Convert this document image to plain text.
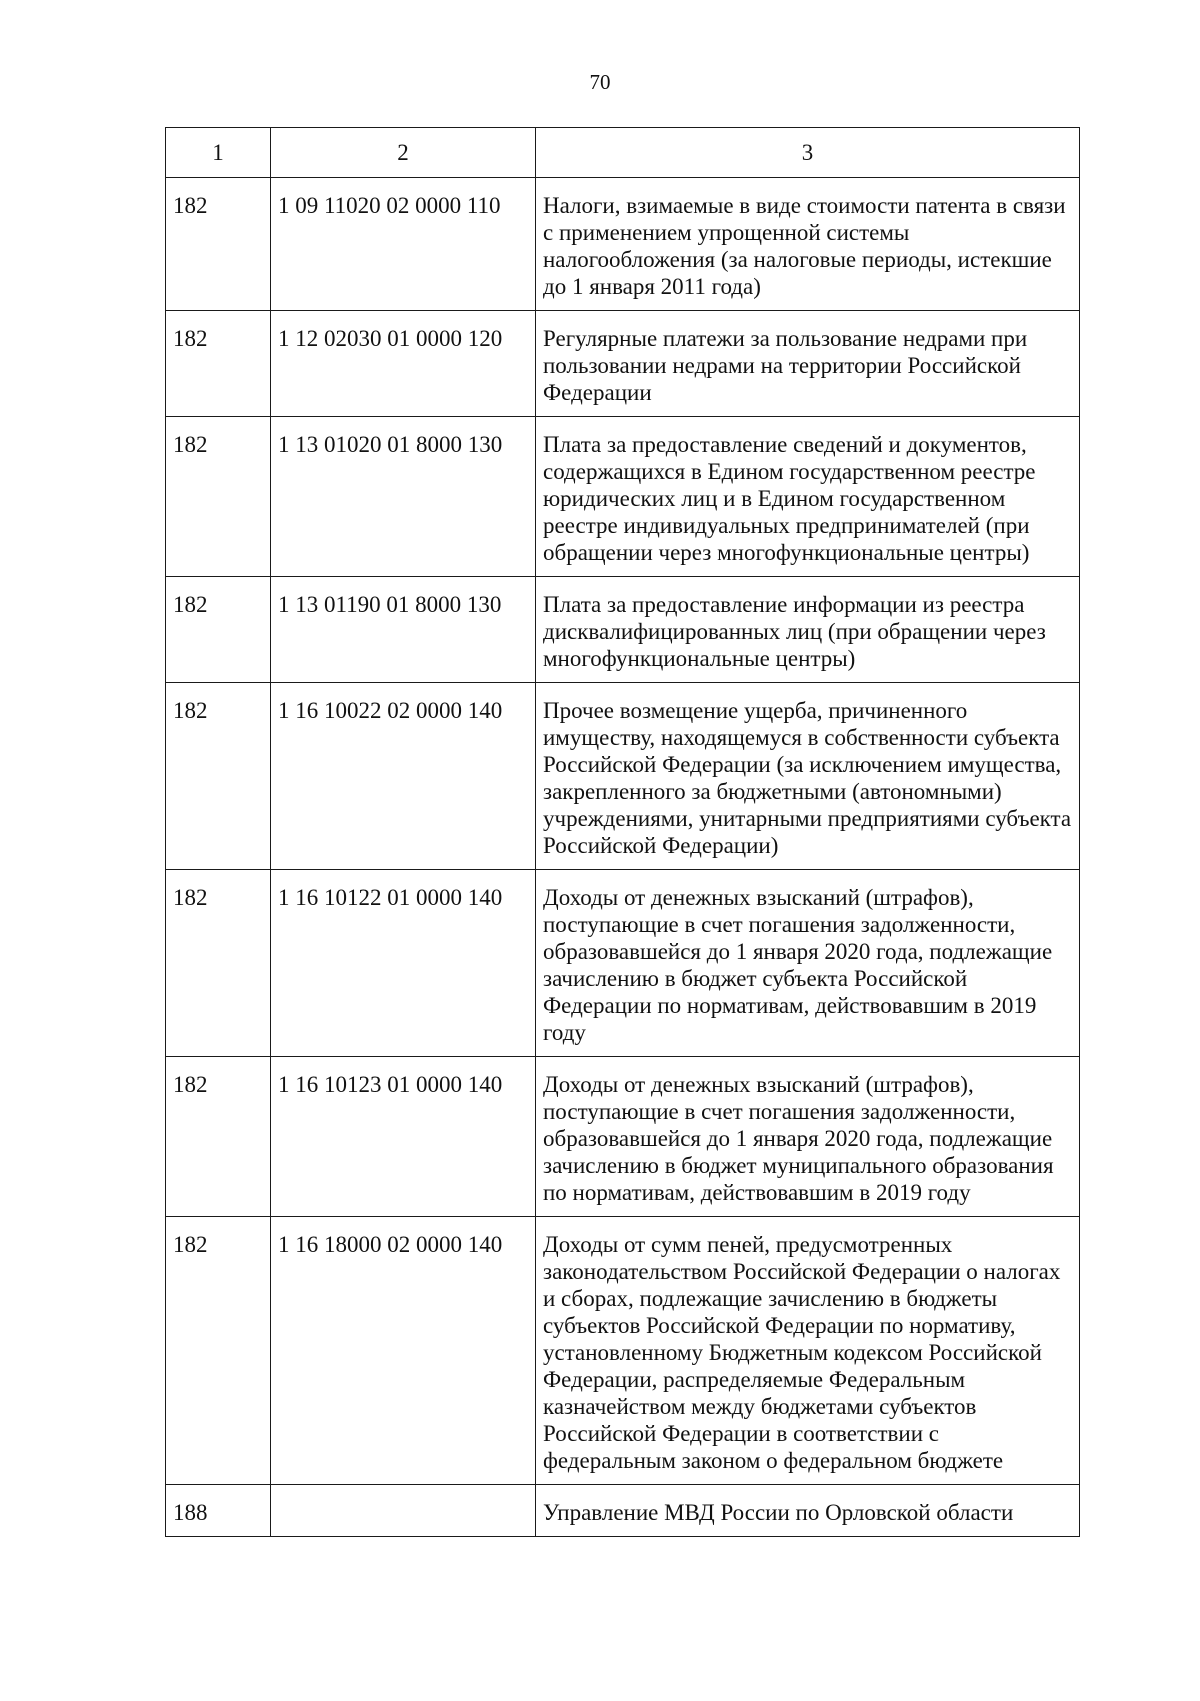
70
1	2	3
182	1 09 11020 02 0000 110	Налоги, взимаемые в виде стоимости патента в связи с применением упрощенной системы налогообложения (за налоговые периоды, истекшие до 1 января 2011 года)
182	1 12 02030 01 0000 120	Регулярные платежи за пользование недрами при пользовании недрами на территории Российской Федерации
182	1 13 01020 01 8000 130	Плата за предоставление сведений и документов, содержащихся в Едином государственном реестре юридических лиц и в Едином государственном реестре индивидуальных предпринимателей (при обращении через многофункциональные центры)
182	1 13 01190 01 8000 130	Плата за предоставление информации из реестра дисквалифицированных лиц (при обращении через многофункциональные центры)
182	1 16 10022 02 0000 140	Прочее возмещение ущерба, причиненного имуществу, находящемуся в собственности субъекта Российской Федерации (за исключением имущества, закрепленного за бюджетными (автономными) учреждениями, унитарными предприятиями субъекта Российской Федерации)
182	1 16 10122 01 0000 140	Доходы от денежных взысканий (штрафов), поступающие в счет погашения задолженности, образовавшейся до 1 января 2020 года, подлежащие зачислению в бюджет субъекта Российской Федерации по нормативам, действовавшим в 2019 году
182	1 16 10123 01 0000 140	Доходы от денежных взысканий (штрафов), поступающие в счет погашения задолженности, образовавшейся до 1 января 2020 года, подлежащие зачислению в бюджет муниципального образования по нормативам, действовавшим в 2019 году
182	1 16 18000 02 0000 140	Доходы от сумм пеней, предусмотренных законодательством Российской Федерации о налогах и сборах, подлежащие зачислению в бюджеты субъектов Российской Федерации по нормативу, установленному Бюджетным кодексом Российской Федерации, распределяемые Федеральным казначейством между бюджетами субъектов Российской Федерации в соответствии с федеральным законом о федеральном бюджете
188		Управление МВД России по Орловской области
